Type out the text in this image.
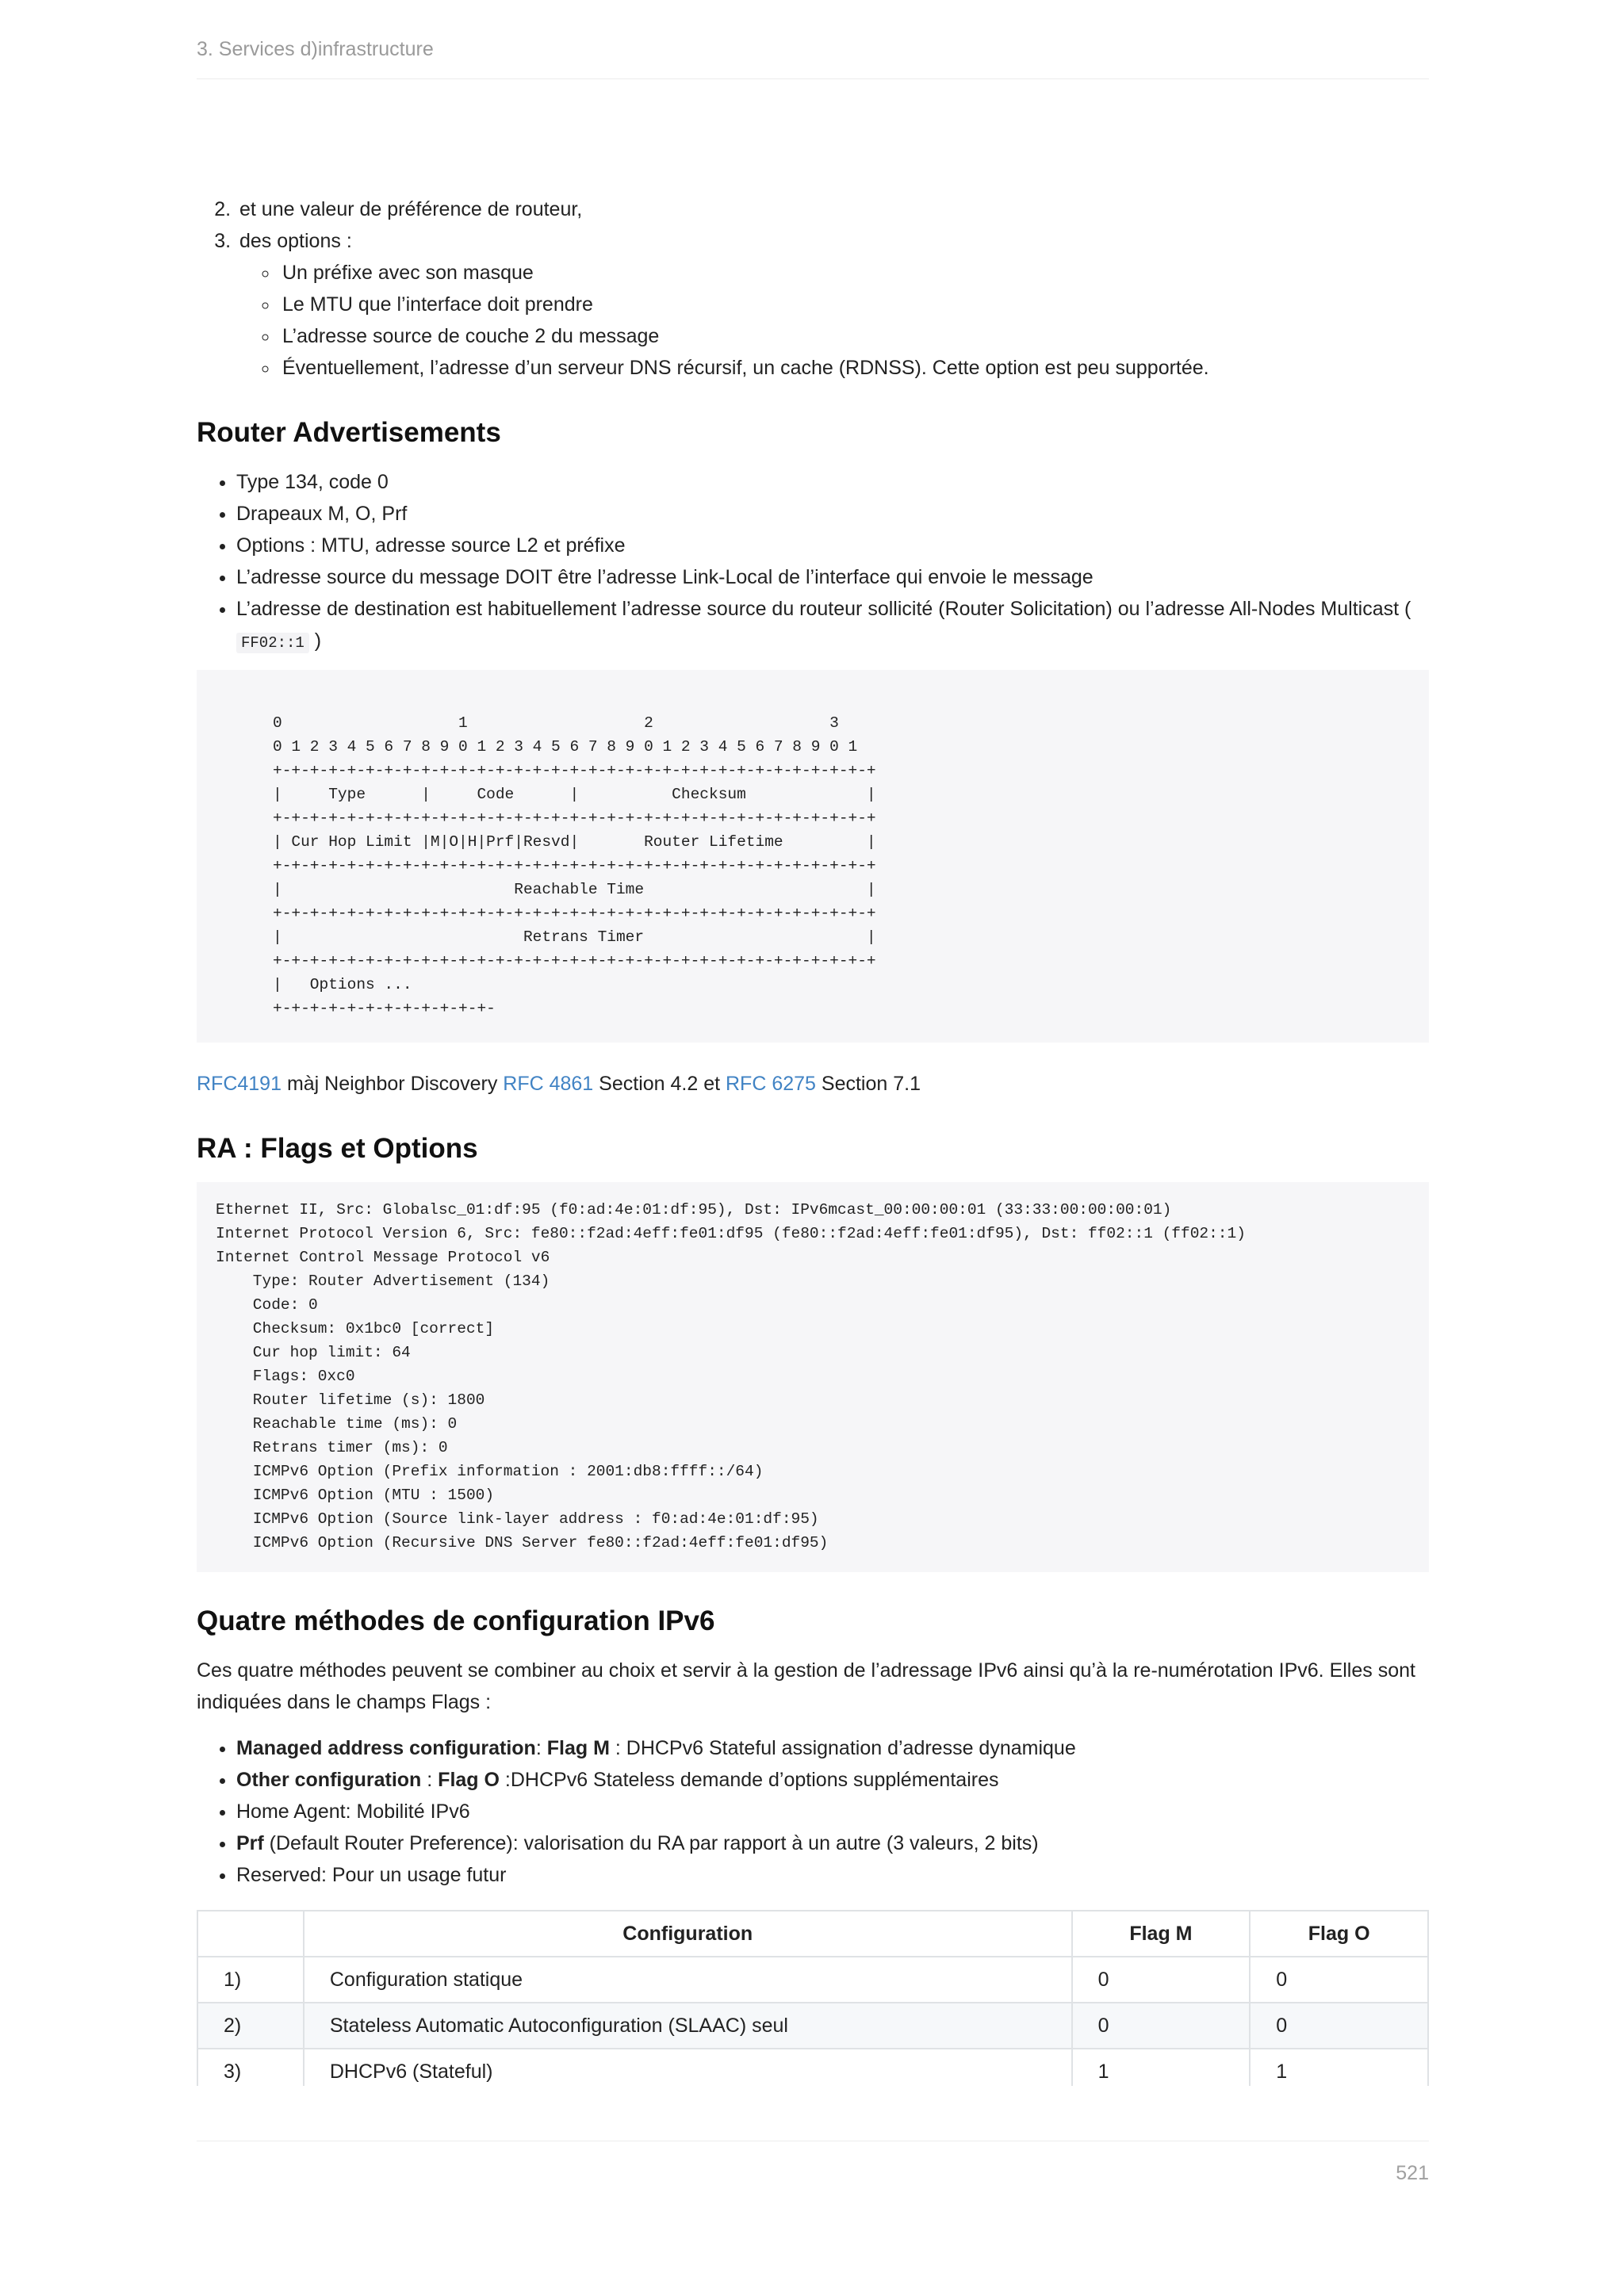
3. Services d)infrastructure
2. et une valeur de préférence de routeur,
3. des options :
◦ Un préfixe avec son masque
◦ Le MTU que l’interface doit prendre
◦ L’adresse source de couche 2 du message
◦ Éventuellement, l’adresse d’un serveur DNS récursif, un cache (RDNSS). Cette option est peu supportée.
Router Advertisements
• Type 134, code 0
• Drapeaux M, O, Prf
• Options : MTU, adresse source L2 et préfixe
• L’adresse source du message DOIT être l’adresse Link-Local de l’interface qui envoie le message
• L’adresse de destination est habituellement l’adresse source du routeur sollicité (Router Solicitation) ou l’adresse All-Nodes Multicast ( FF02::1 )
0                   1                   2                   3
0 1 2 3 4 5 6 7 8 9 0 1 2 3 4 5 6 7 8 9 0 1 2 3 4 5 6 7 8 9 0 1
+-+-+-+-+-+-+-+-+-+-+-+-+-+-+-+-+-+-+-+-+-+-+-+-+-+-+-+-+-+-+-+-+
|     Type      |     Code      |          Checksum             |
+-+-+-+-+-+-+-+-+-+-+-+-+-+-+-+-+-+-+-+-+-+-+-+-+-+-+-+-+-+-+-+-+
| Cur Hop Limit |M|O|H|Prf|Resvd|       Router Lifetime         |
+-+-+-+-+-+-+-+-+-+-+-+-+-+-+-+-+-+-+-+-+-+-+-+-+-+-+-+-+-+-+-+-+
|                         Reachable Time                        |
+-+-+-+-+-+-+-+-+-+-+-+-+-+-+-+-+-+-+-+-+-+-+-+-+-+-+-+-+-+-+-+-+
|                          Retrans Timer                        |
+-+-+-+-+-+-+-+-+-+-+-+-+-+-+-+-+-+-+-+-+-+-+-+-+-+-+-+-+-+-+-+-+
|   Options ...
+-+-+-+-+-+-+-+-+-+-+-+-

RFC4191 màj Neighbor Discovery RFC 4861 Section 4.2 et RFC 6275 Section 7.1

RA : Flags et Options
Ethernet II, Src: Globalsc_01:df:95 (f0:ad:4e:01:df:95), Dst: IPv6mcast_00:00:00:01 (33:33:00:00:00:01)
Internet Protocol Version 6, Src: fe80::f2ad:4eff:fe01:df95 (fe80::f2ad:4eff:fe01:df95), Dst: ff02::1 (ff02::1)
Internet Control Message Protocol v6
Type: Router Advertisement (134)
Code: 0
Checksum: 0x1bc0 [correct]
Cur hop limit: 64
Flags: 0xc0
Router lifetime (s): 1800
Reachable time (ms): 0
Retrans timer (ms): 0
ICMPv6 Option (Prefix information : 2001:db8:ffff::/64)
ICMPv6 Option (MTU : 1500)
ICMPv6 Option (Source link-layer address : f0:ad:4e:01:df:95)
ICMPv6 Option (Recursive DNS Server fe80::f2ad:4eff:fe01:df95)
Quatre méthodes de configuration IPv6

Ces quatre méthodes peuvent se combiner au choix et servir à la gestion de l’adressage IPv6 ainsi qu’à la re-numérotation IPv6. Elles sont indiquées dans le champs Flags :

• Managed address configuration: Flag M : DHCPv6 Stateful assignation d’adresse dynamique
• Other configuration : Flag O :DHCPv6 Stateless demande d’options supplémentaires
• Home Agent: Mobilité IPv6
• Prf (Default Router Preference): valorisation du RA par rapport à un autre (3 valeurs, 2 bits)
• Reserved: Pour un usage futur
	Configuration	Flag M	Flag O
1)	Configuration statique	0	0
2)	Stateless Automatic Autoconfiguration (SLAAC) seul	0	0
3)	DHCPv6 (Stateful)	1	1

521
